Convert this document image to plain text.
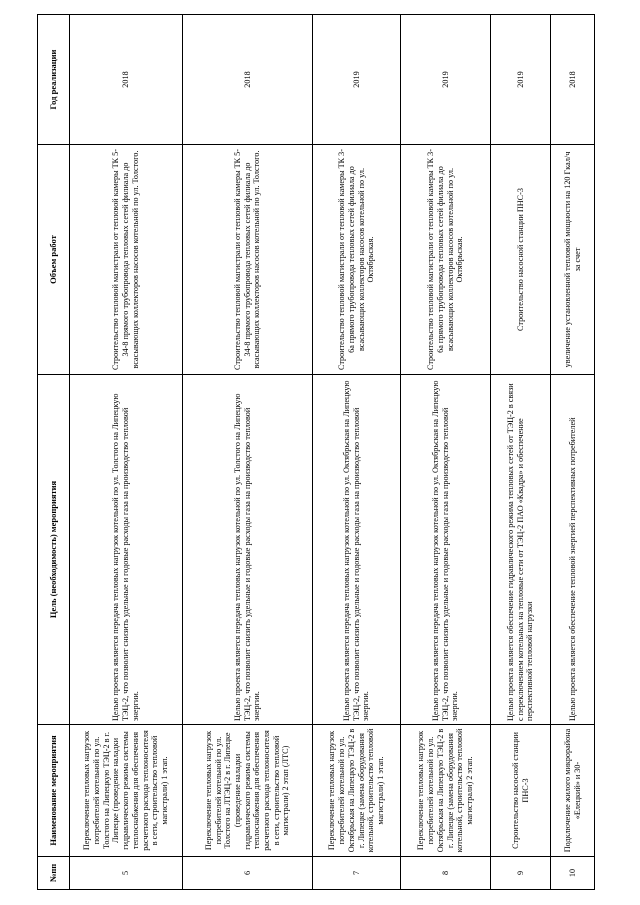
№пп	Наименование мероприятия	Цель (необходимость) мероприятия	Объем работ	Год реализации
5	Переключение тепловых нагрузок потребителей котельной по ул. Толстого на Липецкую ТЭЦ-2 в г. Липецке (проведение наладки гидравлического режима системы теплоснабжения для обеспечения расчетного расхода теплоносителя в сети, строительство тепловой магистрали) 1 этап.	Целью проекта является передача тепловых нагрузок котельной по ул. Толстого на Липецкую ТЭЦ-2, что позволит снизить удельные и годовые расходы газа на производство тепловой энергии.	Строительство тепловой магистрали от тепловой камеры ТК 5-34-8 прямого трубопровода тепловых сетей филиала до всасывающих коллекторов насосов котельной по ул. Толстого.	2018
6	Переключение тепловых нагрузок потребителей котельной по ул. Толстого на ЛТЭЦ-2 в г. Липецке (проведение наладки гидравлического режима системы теплоснабжения для обеспечения расчетного расхода теплоносителя в сети, строительство тепловой магистрали) 2 этап (ЛТС)	Целью проекта является передача тепловых нагрузок котельной по ул. Толстого на Липецкую ТЭЦ-2, что позволит снизить удельные и годовые расходы газа на производство тепловой энергии.	Строительство тепловой магистрали от тепловой камеры ТК 5-34-8 прямого трубопровода тепловых сетей филиала до всасывающих коллекторов насосов котельной по ул. Толстого.	2018
7	Переключение тепловых нагрузок потребителей котельной по ул. Октябрьская на Липецкую ТЭЦ-2 в г. Липецке (замена оборудования котельной, строительство тепловой магистрали) 1 этап.	Целью проекта является передача тепловых нагрузок котельной по ул. Октябрьская на Липецкую ТЭЦ-2, что позволит снизить удельные и годовые расходы газа на производство тепловой энергии.	Строительство тепловой магистрали от тепловой камеры ТК 3-6а прямого трубопровода тепловых сетей филиала до всасывающих коллекторов насосов котельной по ул. Октябрьская.	2019
8	Переключение тепловых нагрузок потребителей котельной по ул. Октябрьская на Липецкую ТЭЦ-2 в г. Липецке (замена оборудования котельной, строительство тепловой магистрали) 2 этап.	Целью проекта является передача тепловых нагрузок котельной по ул. Октябрьская на Липецкую ТЭЦ-2, что позволит снизить удельные и годовые расходы газа на производство тепловой энергии.	Строительство тепловой магистрали от тепловой камеры ТК 3-6а прямого трубопровода тепловых сетей филиала до всасывающих коллекторов насосов котельной по ул. Октябрьская.	2019
9	Строительство насосной станции ПНС-3	Целью проекта является обеспечение гидравлического режима тепловых сетей от ТЭЦ-2 в связи с переключением котельных на тепловые сети от ТЭЦ-2 ПАО «Квадра» и обеспечение перспективной тепловой нагрузки	Строительство насосной станции ПНС-3	2019
10	Подключение жилого микрорайона «Елецкий» и 30-	Целью проекта является обеспечение тепловой энергией перспективных потребителей	увеличение установленной тепловой мощности на 120 Гкал/ч за счет	2018
